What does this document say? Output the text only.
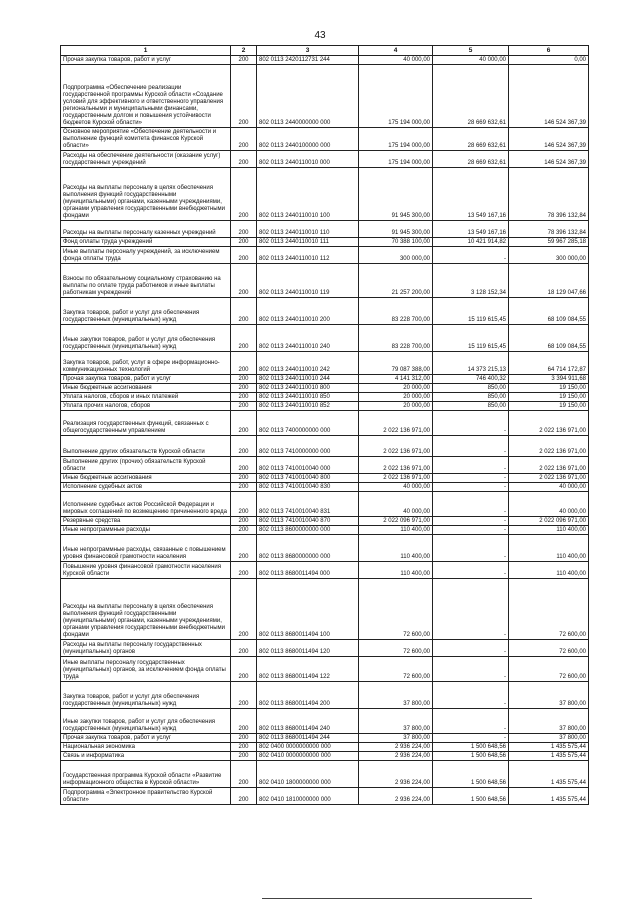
43
1	2	3	4	5	6
Прочая закупка товаров, работ и услуг	200	802 0113 2420112731 244	40 000,00	40 000,00	0,00
Подпрограмма «Обеспечение реализации государственной программы Курской области «Создание условий для эффективного и ответственного управления региональными и муниципальными финансами, государственным долгом и повышения устойчивости бюджетов Курской области»	200	802 0113 2440000000 000	175 194 000,00	28 669 632,61	146 524 367,39
Основное мероприятие «Обеспечение деятельности и выполнение функций комитета финансов Курской области»	200	802 0113 2440100000 000	175 194 000,00	28 669 632,61	146 524 367,39
Расходы на обеспечение деятельности (оказание услуг) государственных учреждений	200	802 0113 2440110010 000	175 194 000,00	28 669 632,61	146 524 367,39
Расходы на выплаты персоналу в целях обеспечения выполнения функций государственными (муниципальными) органами, казенными учреждениями, органами управления государственными внебюджетными фондами	200	802 0113 2440110010 100	91 945 300,00	13 549 167,16	78 396 132,84
Расходы на выплаты персоналу казенных учреждений	200	802 0113 2440110010 110	91 945 300,00	13 549 167,16	78 396 132,84
Фонд оплаты труда учреждений	200	802 0113 2440110010 111	70 388 100,00	10 421 914,82	59 967 285,18
Иные выплаты персоналу учреждений, за исключением фонда оплаты труда	200	802 0113 2440110010 112	300 000,00	-	300 000,00
Взносы по обязательному социальному страхованию на выплаты по оплате труда работников и иные выплаты работникам учреждений	200	802 0113 2440110010 119	21 257 200,00	3 128 152,34	18 129 047,66
Закупка товаров, работ и услуг для обеспечения государственных (муниципальных) нужд	200	802 0113 2440110010 200	83 228 700,00	15 119 615,45	68 109 084,55
Иные закупки товаров, работ и услуг для обеспечения государственных (муниципальных) нужд	200	802 0113 2440110010 240	83 228 700,00	15 119 615,45	68 109 084,55
Закупка товаров, работ, услуг в сфере информационно-коммуникационных технологий	200	802 0113 2440110010 242	79 087 388,00	14 373 215,13	64 714 172,87
Прочая закупка товаров, работ и услуг	200	802 0113 2440110010 244	4 141 312,00	746 400,32	3 394 911,68
Иные бюджетные ассигнования	200	802 0113 2440110010 800	20 000,00	850,00	19 150,00
Уплата налогов, сборов и иных платежей	200	802 0113 2440110010 850	20 000,00	850,00	19 150,00
Уплата прочих налогов, сборов	200	802 0113 2440110010 852	20 000,00	850,00	19 150,00
Реализация государственных функций, связанных с общегосударственным управлением	200	802 0113 7400000000 000	2 022 136 971,00	-	2 022 136 971,00
Выполнение других обязательств Курской области	200	802 0113 7410000000 000	2 022 136 971,00	-	2 022 136 971,00
Выполнение других (прочих) обязательств Курской области	200	802 0113 7410010040 000	2 022 136 971,00	-	2 022 136 971,00
Иные бюджетные ассигнования	200	802 0113 7410010040 800	2 022 136 971,00	-	2 022 136 971,00
Исполнение судебных актов	200	802 0113 7410010040 830	40 000,00	-	40 000,00
Исполнение судебных актов Российской Федерации и мировых соглашений по возмещению причиненного вреда	200	802 0113 7410010040 831	40 000,00	-	40 000,00
Резервные средства	200	802 0113 7410010040 870	2 022 096 971,00	-	2 022 096 971,00
Иные непрограммные расходы	200	802 0113 8600000000 000	110 400,00	-	110 400,00
Иные непрограммные расходы, связанные с повышением уровня финансовой грамотности населения	200	802 0113 8680000000 000	110 400,00	-	110 400,00
Повышение уровня финансовой грамотности населения Курской области	200	802 0113 8680011494 000	110 400,00	-	110 400,00
Расходы на выплаты персоналу в целях обеспечения выполнения функций государственными (муниципальными) органами, казенными учреждениями, органами управления государственными внебюджетными фондами	200	802 0113 8680011494 100	72 600,00	-	72 600,00
Расходы на выплаты персоналу государственных (муниципальных) органов	200	802 0113 8680011494 120	72 600,00	-	72 600,00
Иные выплаты персоналу государственных (муниципальных) органов, за исключением фонда оплаты труда	200	802 0113 8680011494 122	72 600,00	-	72 600,00
Закупка товаров, работ и услуг для обеспечения государственных (муниципальных) нужд	200	802 0113 8680011494 200	37 800,00	-	37 800,00
Иные закупки товаров, работ и услуг для обеспечения государственных (муниципальных) нужд	200	802 0113 8680011494 240	37 800,00	-	37 800,00
Прочая закупка товаров, работ и услуг	200	802 0113 8680011494 244	37 800,00	-	37 800,00
Национальная экономика	200	802 0400 0000000000 000	2 936 224,00	1 500 648,56	1 435 575,44
Связь и информатика	200	802 0410 0000000000 000	2 936 224,00	1 500 648,56	1 435 575,44
Государственная программа Курской области «Развитие информационного общества в Курской области»	200	802 0410 1800000000 000	2 936 224,00	1 500 648,56	1 435 575,44
Подпрограмма «Электронное правительство Курской области»	200	802 0410 1810000000 000	2 936 224,00	1 500 648,56	1 435 575,44
